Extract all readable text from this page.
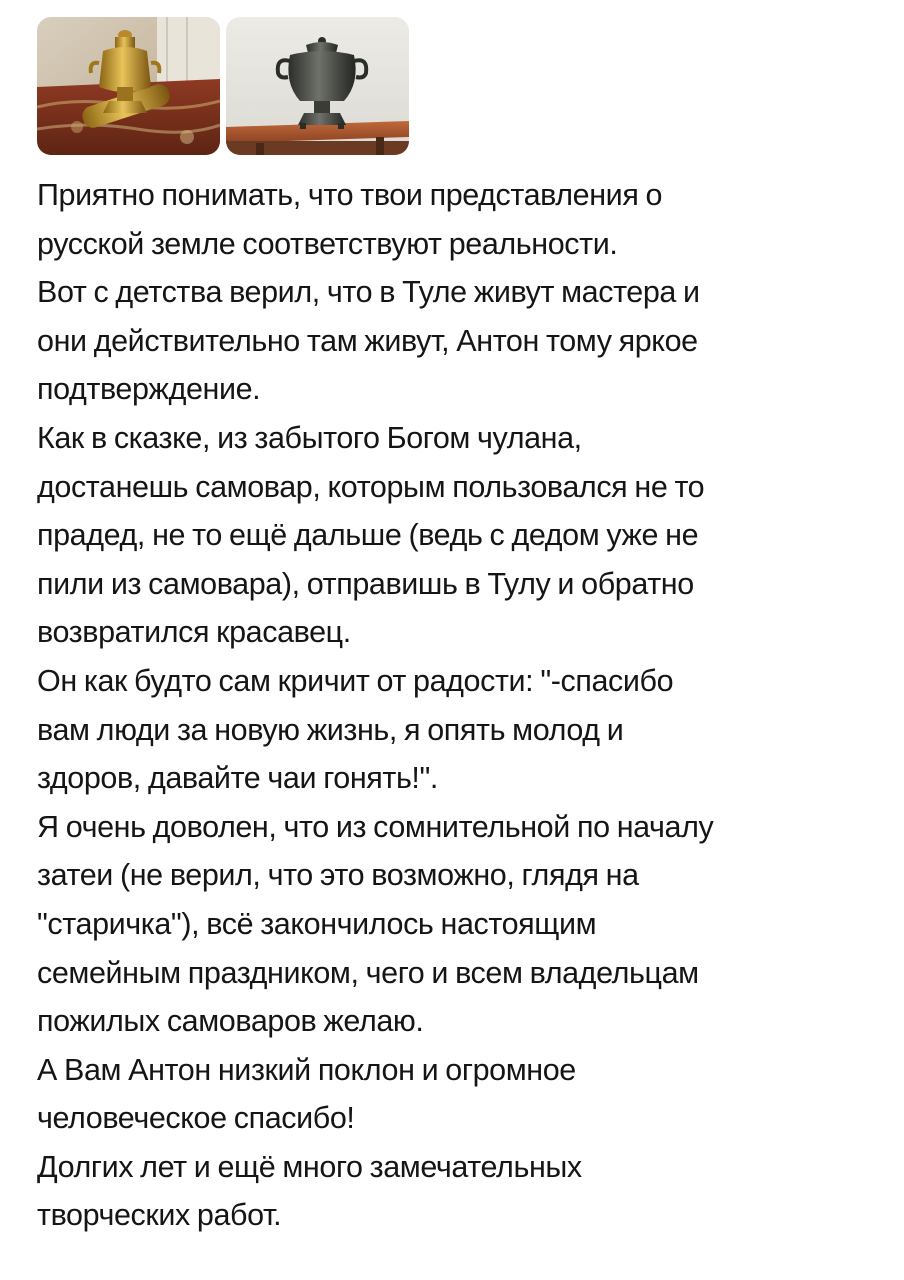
Приятно понимать, что твои представления о
русской земле соответствуют реальности.
Вот с детства верил, что в Туле живут мастера и
они действительно там живут, Антон тому яркое
подтверждение.
Как в сказке, из забытого Богом чулана,
достанешь самовар, которым пользовался не то
прадед, не то ещё дальше (ведь с дедом уже не
пили из самовара), отправишь в Тулу и обратно
возвратился красавец.
Он как будто сам кричит от радости: "-спасибо
вам люди за новую жизнь, я опять молод и
здоров, давайте чаи гонять!".
Я очень доволен, что из сомнительной по началу
затеи (не верил, что это возможно, глядя на
"старичка"), всё закончилось настоящим
семейным праздником, чего и всем владельцам
пожилых самоваров желаю.
А Вам Антон низкий поклон и огромное
человеческое спасибо!
Долгих лет и ещё много замечательных
творческих работ.
